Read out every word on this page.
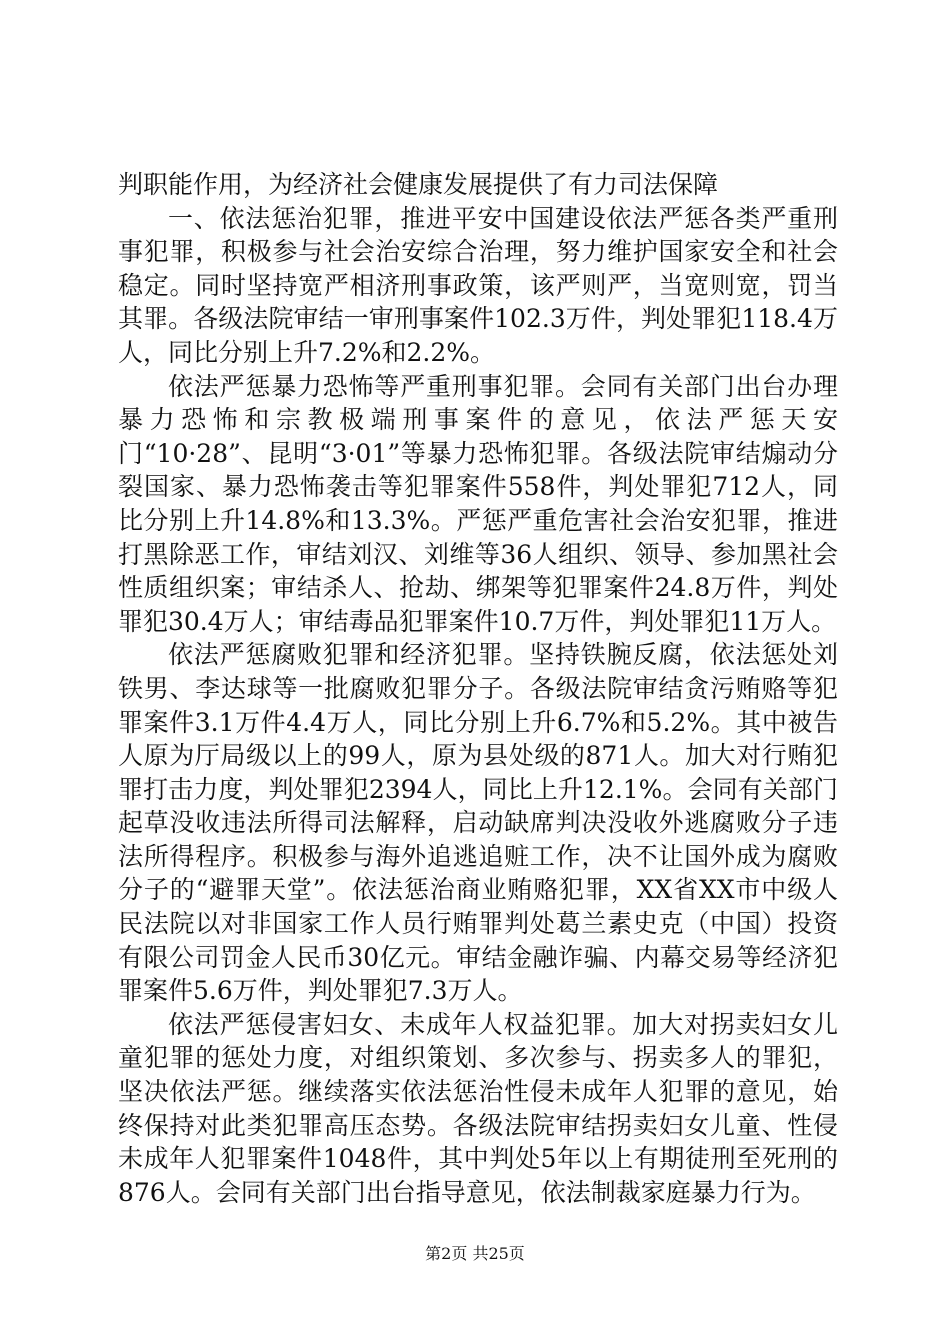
判职能作用，为经济社会健康发展提供了有力司法保障

一、依法惩治犯罪，推进平安中国建设依法严惩各类严重刑事犯罪，积极参与社会治安综合治理，努力维护国家安全和社会稳定。同时坚持宽严相济刑事政策，该严则严，当宽则宽，罚当其罪。各级法院审结一审刑事案件102.3万件，判处罪犯118.4万人，同比分别上升7.2%和2.2%。

依法严惩暴力恐怖等严重刑事犯罪。会同有关部门出台办理暴力恐怖和宗教极端刑事案件的意见，依法严惩天安门“10·28”、昆明“3·01”等暴力恐怖犯罪。各级法院审结煽动分裂国家、暴力恐怖袭击等犯罪案件558件，判处罪犯712人，同比分别上升14.8%和13.3%。严惩严重危害社会治安犯罪，推进打黑除恶工作，审结刘汉、刘维等36人组织、领导、参加黑社会性质组织案；审结杀人、抢劫、绑架等犯罪案件24.8万件，判处罪犯30.4万人；审结毒品犯罪案件10.7万件，判处罪犯11万人。

依法严惩腐败犯罪和经济犯罪。坚持铁腕反腐，依法惩处刘铁男、李达球等一批腐败犯罪分子。各级法院审结贪污贿赂等犯罪案件3.1万件4.4万人，同比分别上升6.7%和5.2%。其中被告人原为厅局级以上的99人，原为县处级的871人。加大对行贿犯罪打击力度，判处罪犯2394人，同比上升12.1%。会同有关部门起草没收违法所得司法解释，启动缺席判决没收外逃腐败分子违法所得程序。积极参与海外追逃追赃工作，决不让国外成为腐败分子的“避罪天堂”。依法惩治商业贿赂犯罪，XX省XX市中级人民法院以对非国家工作人员行贿罪判处葛兰素史克（中国）投资有限公司罚金人民币30亿元。审结金融诈骗、内幕交易等经济犯罪案件5.6万件，判处罪犯7.3万人。

依法严惩侵害妇女、未成年人权益犯罪。加大对拐卖妇女儿童犯罪的惩处力度，对组织策划、多次参与、拐卖多人的罪犯，坚决依法严惩。继续落实依法惩治性侵未成年人犯罪的意见，始终保持对此类犯罪高压态势。各级法院审结拐卖妇女儿童、性侵未成年人犯罪案件1048件，其中判处5年以上有期徒刑至死刑的876人。会同有关部门出台指导意见，依法制裁家庭暴力行为。

第2页 共25页
